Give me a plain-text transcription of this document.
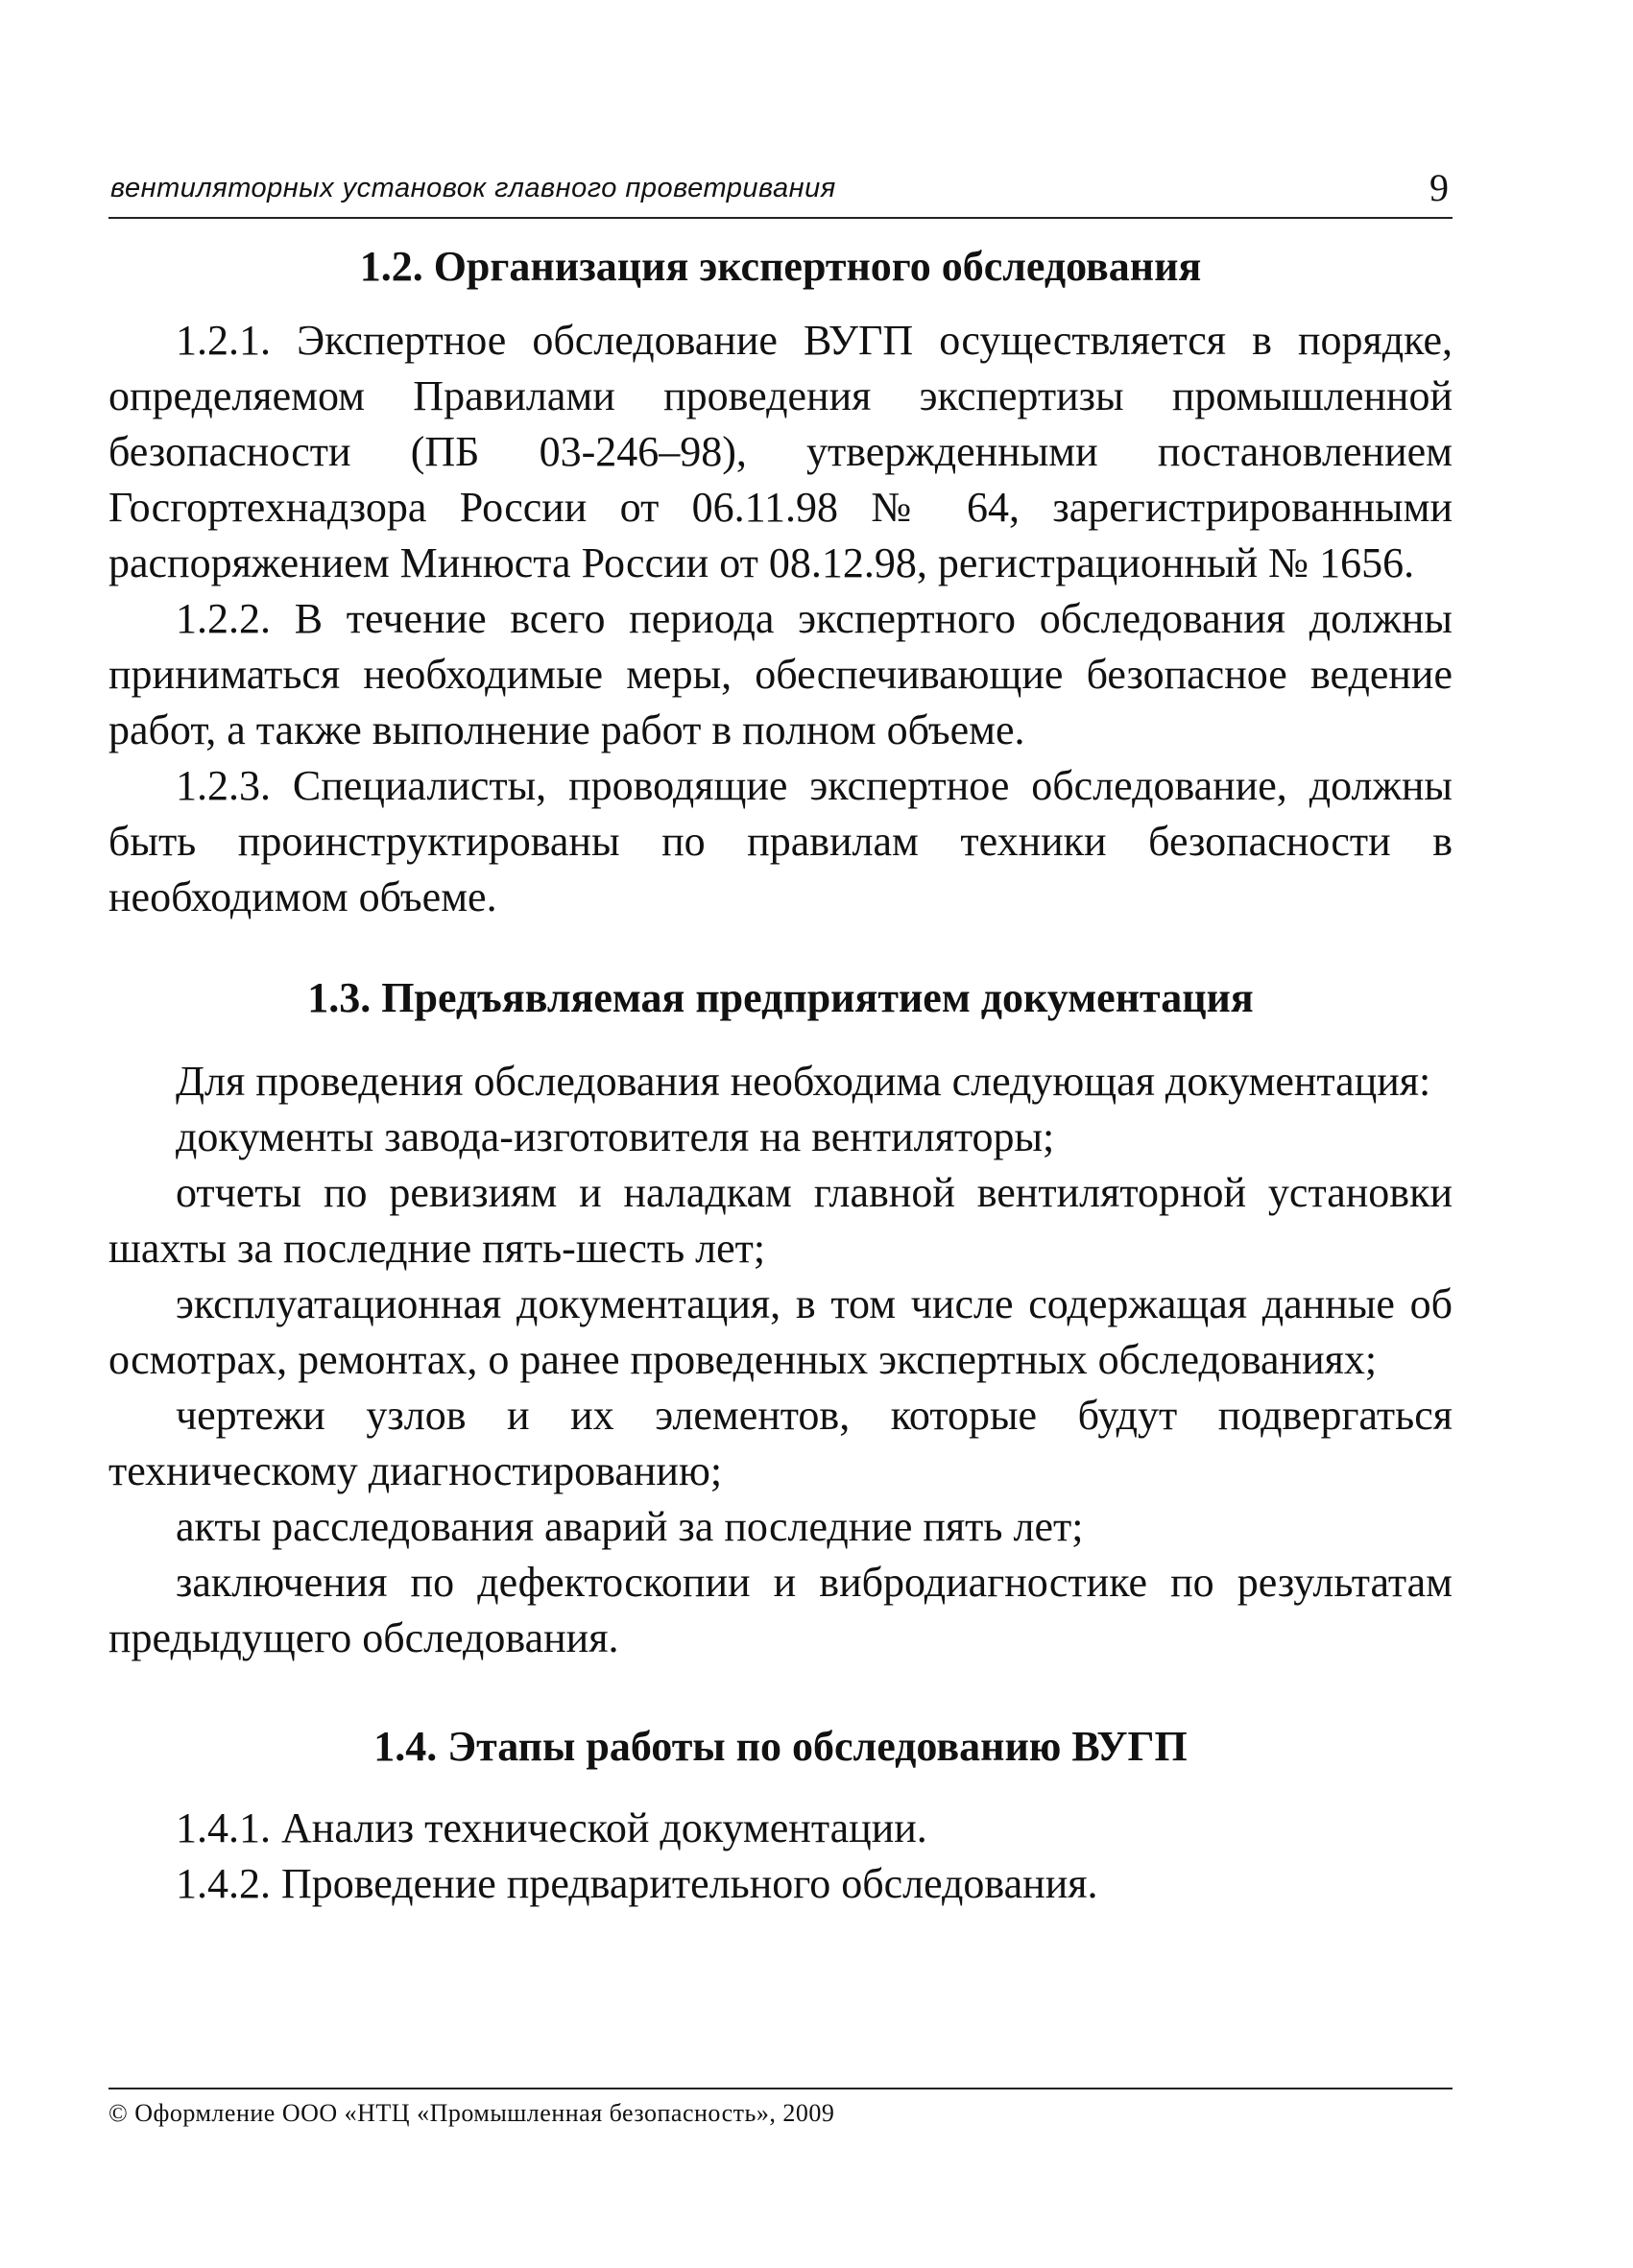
вентиляторных установок главного проветривания	9
1.2. Организация экспертного обследования

1.2.1. Экспертное обследование ВУГП осуществляется в порядке, определяемом Правилами проведения экспертизы промышленной безопасности (ПБ 03-246–98), утвержденными постановлением Госгортехнадзора России от 06.11.98 № 64, зарегистрированными распоряжением Минюста России от 08.12.98, регистрационный № 1656.

1.2.2. В течение всего периода экспертного обследования должны приниматься необходимые меры, обеспечивающие безопасное ведение работ, а также выполнение работ в полном объеме.

1.2.3. Специалисты, проводящие экспертное обследование, должны быть проинструктированы по правилам техники безопасности в необходимом объеме.

1.3. Предъявляемая предприятием документация

Для проведения обследования необходима следующая документация:

документы завода-изготовителя на вентиляторы;

отчеты по ревизиям и наладкам главной вентиляторной установки шахты за последние пять-шесть лет;

эксплуатационная документация, в том числе содержащая данные об осмотрах, ремонтах, о ранее проведенных экспертных обследованиях;

чертежи узлов и их элементов, которые будут подвергаться техническому диагностированию;

акты расследования аварий за последние пять лет;

заключения по дефектоскопии и вибродиагностике по результатам предыдущего обследования.

1.4. Этапы работы по обследованию ВУГП

1.4.1. Анализ технической документации.

1.4.2. Проведение предварительного обследования.

© Оформление ООО «НТЦ «Промышленная безопасность», 2009
